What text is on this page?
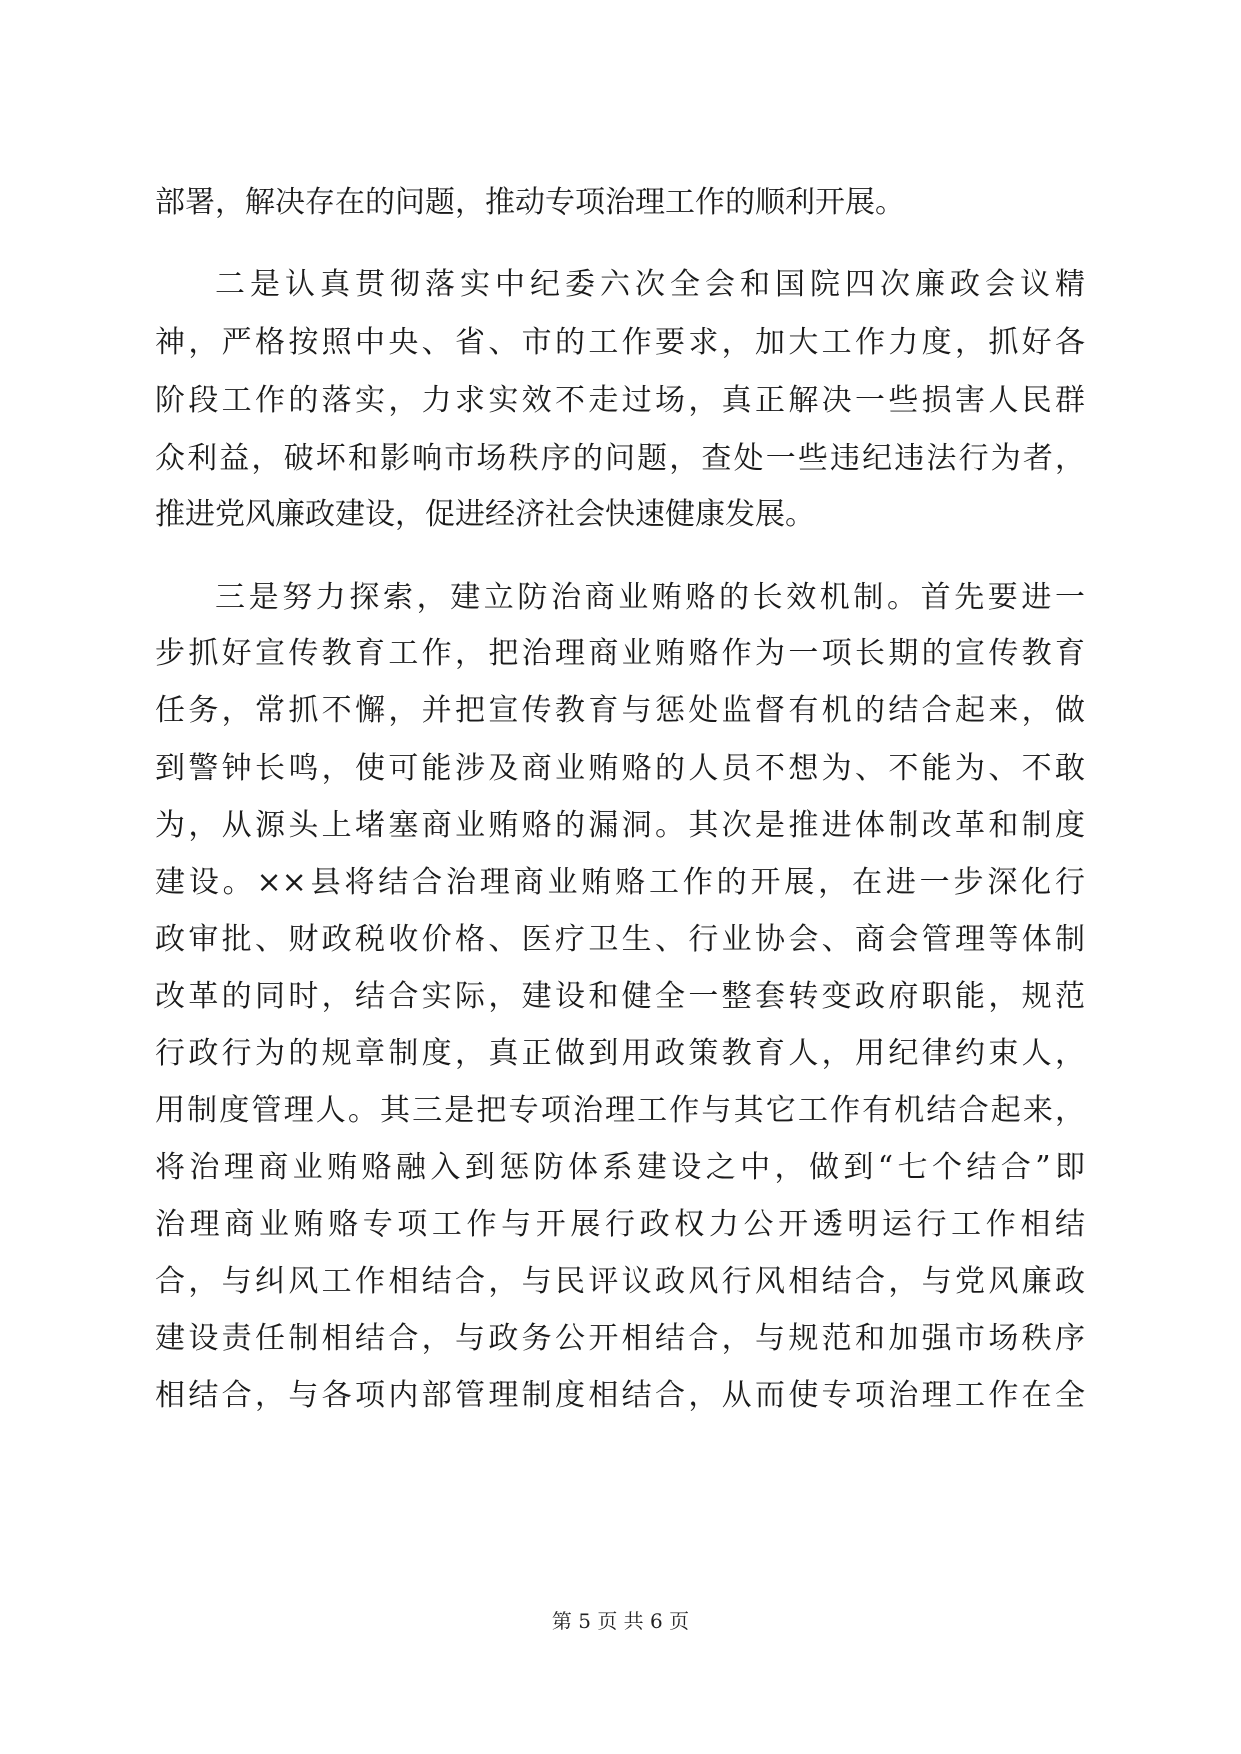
部署，解决存在的问题，推动专项治理工作的顺利开展。
二是认真贯彻落实中纪委六次全会和国院四次廉政会议精
神，严格按照中央、省、市的工作要求，加大工作力度，抓好各
阶段工作的落实，力求实效不走过场，真正解决一些损害人民群
众利益，破坏和影响市场秩序的问题，查处一些违纪违法行为者，
推进党风廉政建设，促进经济社会快速健康发展。
三是努力探索，建立防治商业贿赂的长效机制。首先要进一
步抓好宣传教育工作，把治理商业贿赂作为一项长期的宣传教育
任务，常抓不懈，并把宣传教育与惩处监督有机的结合起来，做
到警钟长鸣，使可能涉及商业贿赂的人员不想为、不能为、不敢
为，从源头上堵塞商业贿赂的漏洞。其次是推进体制改革和制度
建设。××县将结合治理商业贿赂工作的开展，在进一步深化行
政审批、财政税收价格、医疗卫生、行业协会、商会管理等体制
改革的同时，结合实际，建设和健全一整套转变政府职能，规范
行政行为的规章制度，真正做到用政策教育人，用纪律约束人，
用制度管理人。其三是把专项治理工作与其它工作有机结合起来，
将治理商业贿赂融入到惩防体系建设之中，做到“七个结合”即
治理商业贿赂专项工作与开展行政权力公开透明运行工作相结
合，与纠风工作相结合，与民评议政风行风相结合，与党风廉政
建设责任制相结合，与政务公开相结合，与规范和加强市场秩序
相结合，与各项内部管理制度相结合，从而使专项治理工作在全
第 5 页 共 6 页
